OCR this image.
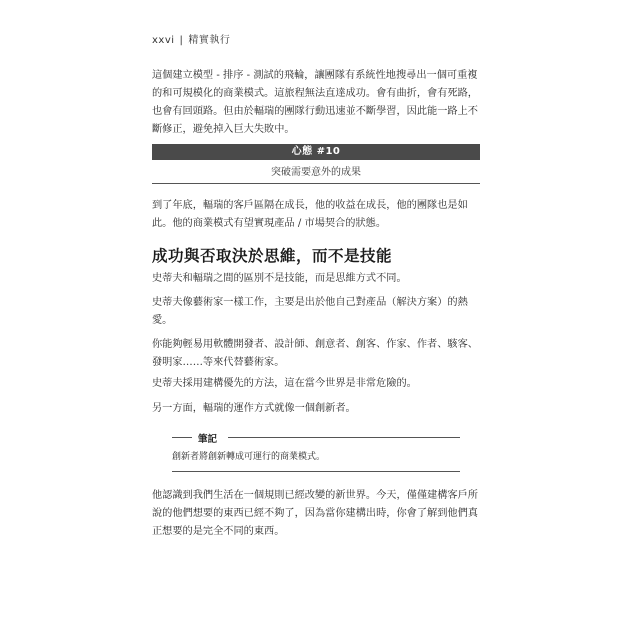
xxvi | 精實執行

這個建立模型 - 排序 - 測試的飛輪，讓團隊有系統性地搜尋出一個可重複的和可規模化的商業模式。這旅程無法直達成功。會有曲折，會有死路，也會有回頭路。但由於輻瑞的團隊行動迅速並不斷學習，因此能一路上不斷修正，避免掉入巨大失敗中。

心態 #10
突破需要意外的成果

到了年底，輻瑞的客戶區隔在成長，他的收益在成長，他的團隊也是如此。他的商業模式有望實現產品 / 市場契合的狀態。

成功與否取決於思維，而不是技能

史蒂夫和輻瑞之間的區別不是技能，而是思維方式不同。

史蒂夫像藝術家一樣工作，主要是出於他自己對產品（解決方案）的熱愛。

你能夠輕易用軟體開發者、設計師、創意者、創客、作家、作者、駭客、發明家……等來代替藝術家。

史蒂夫採用建構優先的方法，這在當今世界是非常危險的。

另一方面，輻瑞的運作方式就像一個創新者。

筆記
創新者將創新轉成可運行的商業模式。

他認識到我們生活在一個規則已經改變的新世界。今天，僅僅建構客戶所說的他們想要的東西已經不夠了，因為當你建構出時，你會了解到他們真正想要的是完全不同的東西。
